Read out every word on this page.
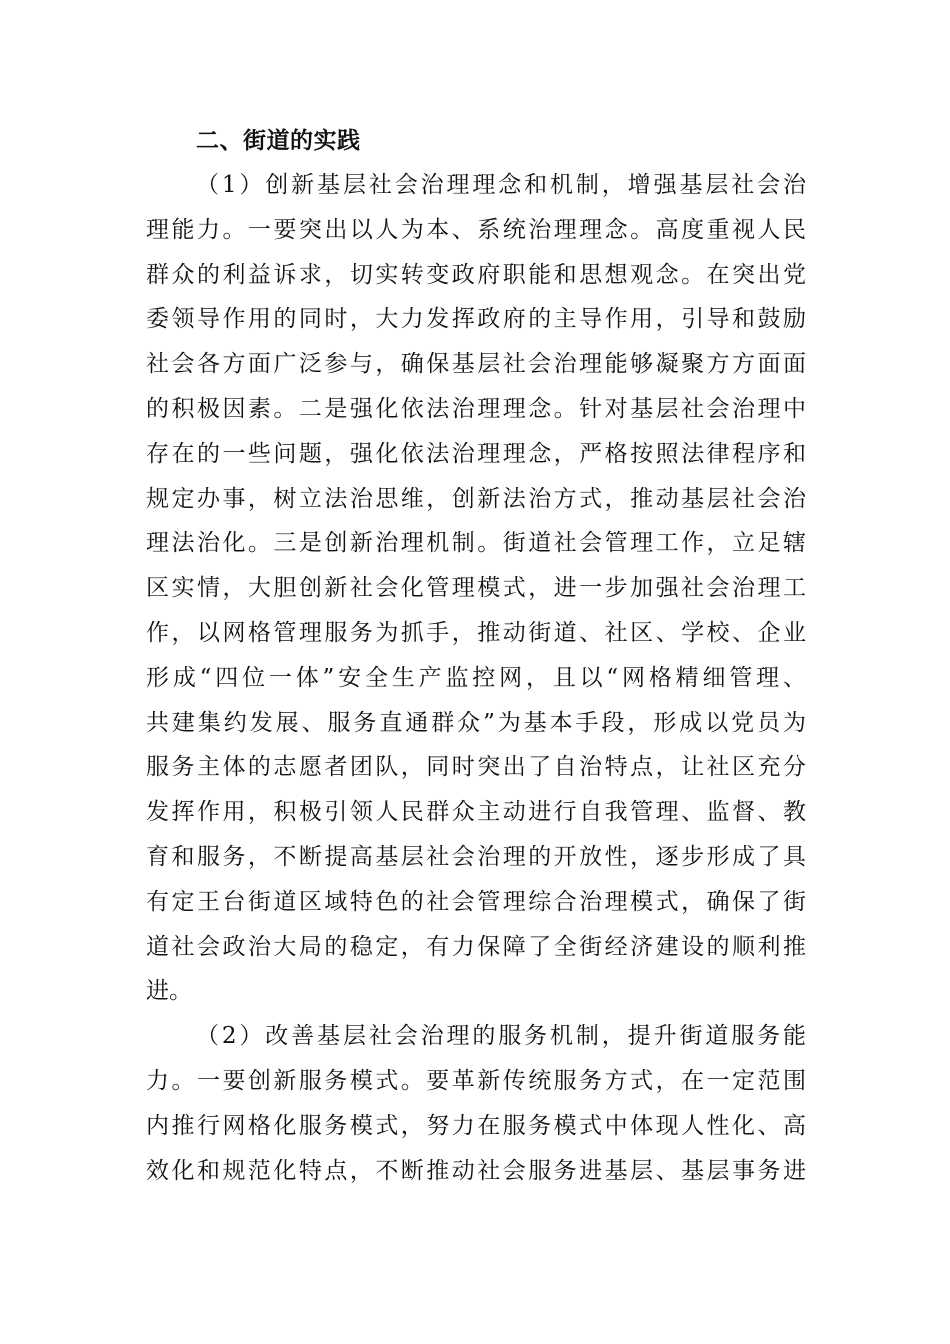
二、街道的实践
（1）创新基层社会治理理念和机制，增强基层社会治
理能力。一要突出以人为本、系统治理理念。高度重视人民
群众的利益诉求，切实转变政府职能和思想观念。在突出党
委领导作用的同时，大力发挥政府的主导作用，引导和鼓励
社会各方面广泛参与，确保基层社会治理能够凝聚方方面面
的积极因素。二是强化依法治理理念。针对基层社会治理中
存在的一些问题，强化依法治理理念，严格按照法律程序和
规定办事，树立法治思维，创新法治方式，推动基层社会治
理法治化。三是创新治理机制。街道社会管理工作，立足辖
区实情，大胆创新社会化管理模式，进一步加强社会治理工
作，以网格管理服务为抓手，推动街道、社区、学校、企业
形成“四位一体”安全生产监控网，且以“网格精细管理、
共建集约发展、服务直通群众”为基本手段，形成以党员为
服务主体的志愿者团队，同时突出了自治特点，让社区充分
发挥作用，积极引领人民群众主动进行自我管理、监督、教
育和服务，不断提高基层社会治理的开放性，逐步形成了具
有定王台街道区域特色的社会管理综合治理模式，确保了街
道社会政治大局的稳定，有力保障了全街经济建设的顺利推
进。
（2）改善基层社会治理的服务机制，提升街道服务能
力。一要创新服务模式。要革新传统服务方式，在一定范围
内推行网格化服务模式，努力在服务模式中体现人性化、高
效化和规范化特点，不断推动社会服务进基层、基层事务进
